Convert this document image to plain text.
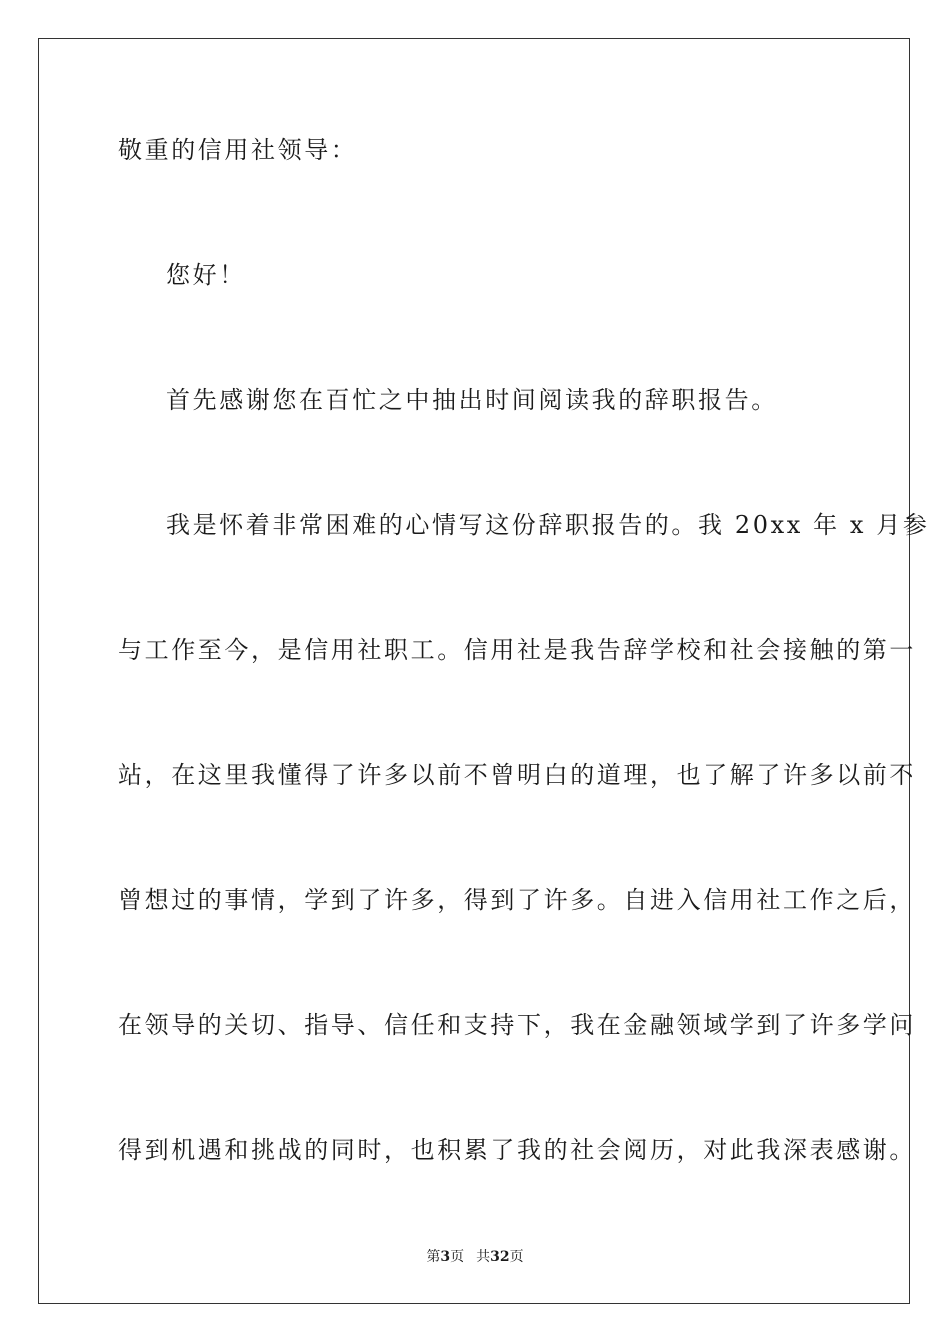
敬重的信用社领导：
您好！
首先感谢您在百忙之中抽出时间阅读我的辞职报告。
我是怀着非常困难的心情写这份辞职报告的。我 20xx 年 x 月参
与工作至今，是信用社职工。信用社是我告辞学校和社会接触的第一
站，在这里我懂得了许多以前不曾明白的道理，也了解了许多以前不
曾想过的事情，学到了许多，得到了许多。自进入信用社工作之后，
在领导的关切、指导、信任和支持下，我在金融领域学到了许多学问
得到机遇和挑战的同时，也积累了我的社会阅历，对此我深表感谢。
第3页 共32页
